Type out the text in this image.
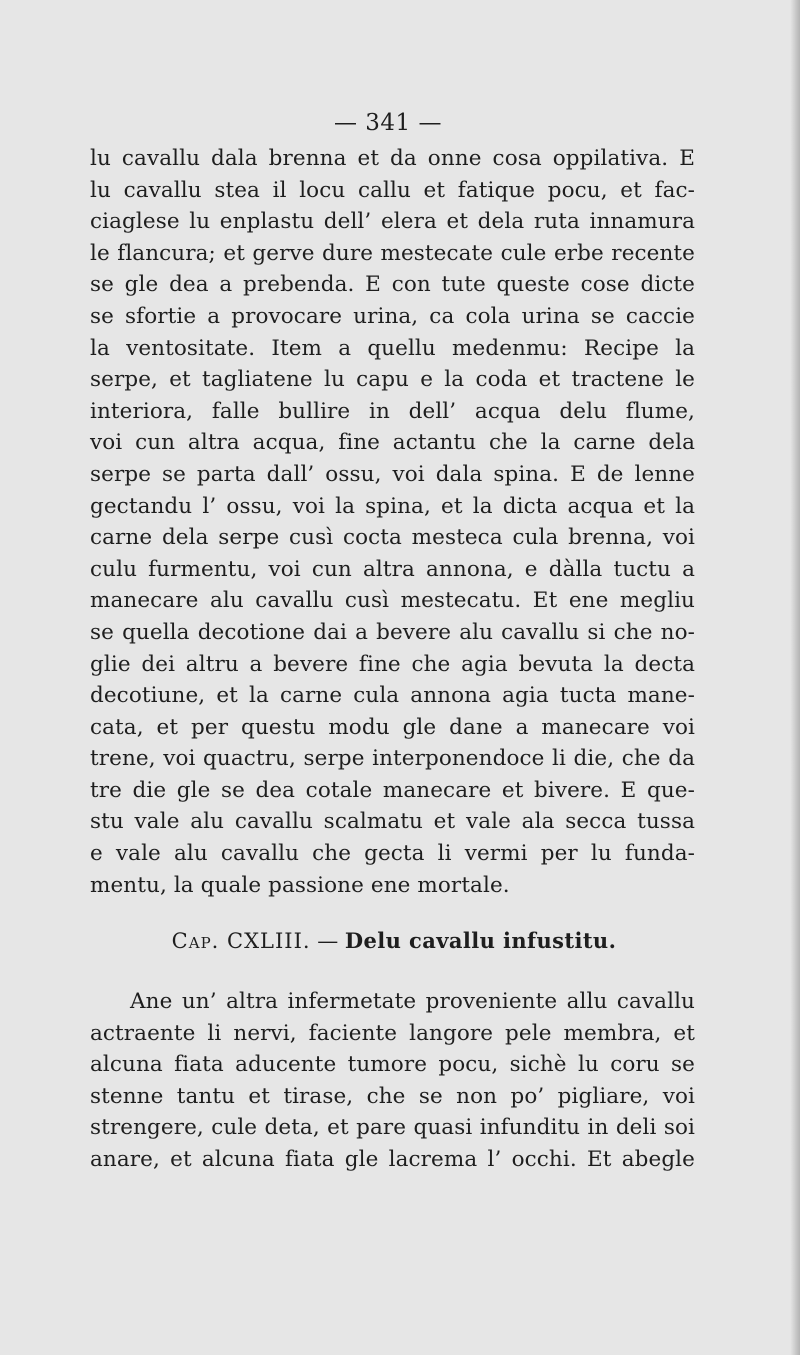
— 341 —
lu cavallu dala brenna et da onne cosa oppilativa. E
lu cavallu stea il locu callu et fatique pocu, et fac-
ciaglese lu enplastu dell’ elera et dela ruta innamura
le flancura; et gerve dure mestecate cule erbe recente
se gle dea a prebenda. E con tute queste cose dicte
se sfortie a provocare urina, ca cola urina se caccie
la ventositate. Item a quellu medenmu: Recipe la
serpe, et tagliatene lu capu e la coda et tractene le
interiora, falle bullire in dell’ acqua delu flume,
voi cun altra acqua, fine actantu che la carne dela
serpe se parta dall’ ossu, voi dala spina. E de lenne
gectandu l’ ossu, voi la spina, et la dicta acqua et la
carne dela serpe cusì cocta mesteca cula brenna, voi
culu furmentu, voi cun altra annona, e dàlla tuctu a
manecare alu cavallu cusì mestecatu. Et ene megliu
se quella decotione dai a bevere alu cavallu si che no-
glie dei altru a bevere fine che agia bevuta la decta
decotiune, et la carne cula annona agia tucta mane-
cata, et per questu modu gle dane a manecare voi
trene, voi quactru, serpe interponendoce li die, che da
tre die gle se dea cotale manecare et bivere. E que-
stu vale alu cavallu scalmatu et vale ala secca tussa
e vale alu cavallu che gecta li vermi per lu funda-
mentu, la quale passione ene mortale.
Cap. CXLIII. — Delu cavallu infustitu.
Ane un’ altra infermetate proveniente allu cavallu
actraente li nervi, faciente langore pele membra, et
alcuna fiata aducente tumore pocu, sichè lu coru se
stenne tantu et tirase, che se non po’ pigliare, voi
strengere, cule deta, et pare quasi infunditu in deli soi
anare, et alcuna fiata gle lacrema l’ occhi. Et abegle
